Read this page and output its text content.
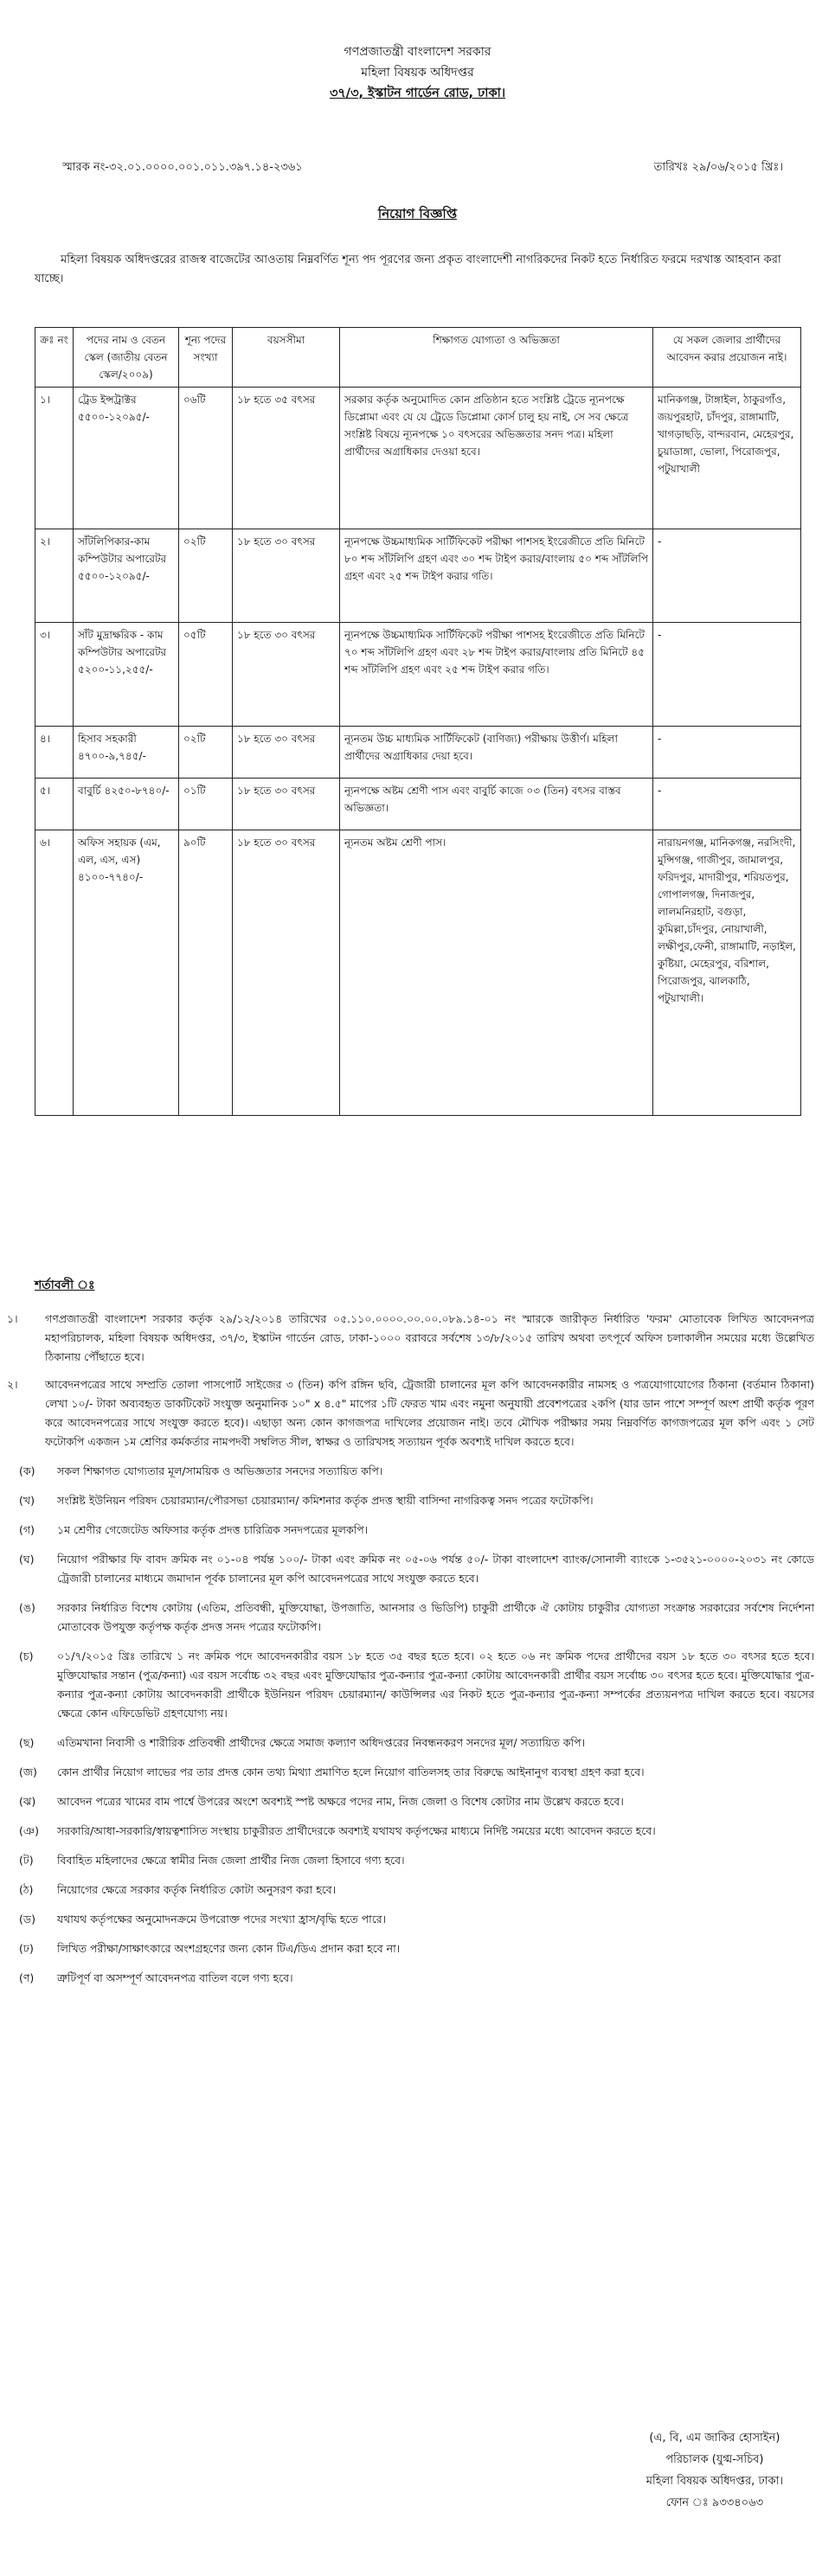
গণপ্রজাতন্ত্রী বাংলাদেশ সরকার
মহিলা বিষয়ক অধিদপ্তর
৩৭/৩, ইস্কাটন গার্ডেন রোড, ঢাকা।
স্মারক নং-৩২.০১.০০০০.০০১.০১১.৩৯৭.১৪-২৩৬১	তারিখঃ ২৯/০৬/২০১৫ খ্রিঃ।
নিয়োগ বিজ্ঞপ্তি
মহিলা বিষয়ক অধিদপ্তরের রাজস্ব বাজেটের আওতায় নিম্নবর্ণিত শূন্য পদ পূরণের জন্য প্রকৃত বাংলাদেশী নাগরিকদের নিকট হতে নির্ধারিত ফরমে দরখাস্ত আহবান করা যাচ্ছে।
ক্রঃ নং	পদের নাম ও বেতন স্কেল (জাতীয় বেতন স্কেল/২০০৯)	শূন্য পদের সংখ্যা	বয়সসীমা	শিক্ষাগত যোগ্যতা ও অভিজ্ঞতা	যে সকল জেলার প্রার্থীদের আবেদন করার প্রয়োজন নাই।
১।	ট্রেড ইন্সট্রাক্টর ৫৫০০-১২০৯৫/-	০৬টি	১৮ হতে ৩৫ বৎসর	সরকার কর্তৃক অনুমোদিত কোন প্রতিষ্ঠান হতে সংশ্লিষ্ট ট্রেডে ন্যূনপক্ষে ডিপ্লোমা এবং যে যে ট্রেডে ডিপ্লোমা কোর্স চালু হয় নাই, সে সব ক্ষেত্রে সংশ্লিষ্ট বিষয়ে ন্যূনপক্ষে ১০ বৎসরের অভিজ্ঞতার সনদ পত্র। মহিলা প্রার্থীদের অগ্রাধিকার দেওয়া হবে।	মানিকগঞ্জ, টাঙ্গাইল, ঠাকুরগাঁও, জয়পুরহাট, চাঁদপুর, রাঙ্গামাটি, খাগড়াছড়ি, বান্দরবান, মেহেরপুর, চুয়াডাঙ্গা, ভোলা, পিরোজপুর, পটুয়াখালী
২।	সাঁটলিপিকার-কাম কম্পিউটার অপারেটর ৫৫০০-১২০৯৫/-	০২টি	১৮ হতে ৩০ বৎসর	ন্যূনপক্ষে উচ্চমাধ্যমিক সার্টিফিকেট পরীক্ষা পাশসহ ইংরেজীতে প্রতি মিনিটে ৮০ শব্দ সাঁটলিপি গ্রহণ এবং ৩০ শব্দ টাইপ করার/বাংলায় ৫০ শব্দ সাঁটলিপি গ্রহণ এবং ২৫ শব্দ টাইপ করার গতি।	-
৩।	সাঁট মুদ্রাক্ষরিক - কাম কম্পিউটার অপারেটর ৫২০০-১১,২৫৫/-	০৫টি	১৮ হতে ৩০ বৎসর	ন্যূনপক্ষে উচ্চমাধ্যমিক সার্টিফিকেট পরীক্ষা পাশসহ ইংরেজীতে প্রতি মিনিটে ৭০ শব্দ সাঁটলিপি গ্রহণ এবং ২৮ শব্দ টাইপ করার/বাংলায় প্রতি মিনিটে ৪৫ শব্দ সাঁটলিপি গ্রহণ এবং ২৫ শব্দ টাইপ করার গতি।	-
৪।	হিসাব সহকারী ৪৭০০-৯,৭৪৫/-	০২টি	১৮ হতে ৩০ বৎসর	ন্যূনতম উচ্চ মাধ্যমিক সার্টিফিকেট (বাণিজ্য) পরীক্ষায় উত্তীর্ণ। মহিলা প্রার্থীদের অগ্রাধিকার দেয়া হবে।	-
৫।	বাবুর্চি ৪২৫০-৮৭৪০/-	০১টি	১৮ হতে ৩০ বৎসর	ন্যূনপক্ষে অষ্টম শ্রেণী পাস এবং বাবুর্চি কাজে ০৩ (তিন) বৎসর বাস্তব অভিজ্ঞতা।	-
৬।	অফিস সহায়ক (এম, এল, এস, এস) ৪১০০-৭৭৪০/-	৯০টি	১৮ হতে ৩০ বৎসর	ন্যূনতম অষ্টম শ্রেণী পাস।	নারায়নগঞ্জ, মানিকগঞ্জ, নরসিংদী, মুন্সিগঞ্জ, গাজীপুর, জামালপুর, ফরিদপুর, মাদারীপুর, শরিয়তপুর, গোপালগঞ্জ, দিনাজপুর, লালমনিরহাট, বগুড়া, কুমিল্লা,চাঁদপুর, নোয়াখালী, লক্ষীপুর,ফেনী, রাঙ্গামাটি, নড়াইল, কুষ্টিয়া, মেহেরপুর, বরিশাল, পিরোজপুর, ঝালকাঠি, পটুয়াখালী।
শর্তাবলী ঃ
১।	গণপ্রজাতন্ত্রী বাংলাদেশ সরকার কর্তৃক ২৯/১২/২০১৪ তারিখের ০৫.১১০.০০০০.০০.০০.০৮৯.১৪-০১ নং স্মারকে জারীকৃত নির্ধারিত 'ফরম' মোতাবেক লিখিত আবেদনপত্র মহাপরিচালক, মহিলা বিষয়ক অধিদপ্তর, ৩৭/৩, ইস্কাটন গার্ডেন রোড, ঢাকা-১০০০ বরাবরে সর্বশেষ ১৩/৮/২০১৫ তারিখ অথবা তৎপূর্বে অফিস চলাকালীন সময়ের মধ্যে উল্লেখিত ঠিকানায় পৌঁছাতে হবে।
২।	আবেদনপত্রের সাথে সম্প্রতি তোলা পাসপোর্ট সাইজের ৩ (তিন) কপি রঙ্গিন ছবি, ট্রেজারী চালানের মূল কপি আবেদনকারীর নামসহ ও পত্রযোগাযোগের ঠিকানা (বর্তমান ঠিকানা) লেখা ১০/- টাকা অব্যবহৃত ডাকটিকেট সংযুক্ত অনুমানিক ১০" x ৪.৫" মাপের ১টি ফেরত খাম এবং নমুনা অনুযায়ী প্রবেশপত্রের ২কপি (যার ডান পাশে সম্পূর্ণ অংশ প্রার্থী কর্তৃক পূরণ করে আবেদনপত্রের সাথে সংযুক্ত করতে হবে)। এছাড়া অন্য কোন কাগজপত্র দাখিলের প্রয়োজন নাই। তবে মৌখিক পরীক্ষার সময় নিম্নবর্ণিত কাগজপত্রের মূল কপি এবং ১ সেট ফটোকপি একজন ১ম শ্রেণির কর্মকর্তার নামপদবী সম্বলিত সীল, স্বাক্ষর ও তারিখসহ সত্যায়ন পূর্বক অবশ্যই দাখিল করতে হবে।
(ক)	সকল শিক্ষাগত যোগ্যতার মূল/সাময়িক ও অভিজ্ঞতার সনদের সত্যায়িত কপি।
(খ)	সংশ্লিষ্ট ইউনিয়ন পরিষদ চেয়ারম্যান/পৌরসভা চেয়ারম্যান/ কমিশনার কর্তৃক প্রদত্ত স্থায়ী বাসিন্দা নাগরিকত্ব সনদ পত্রের ফটোকপি।
(গ)	১ম শ্রেণীর গেজেটেড অফিসার কর্তৃক প্রদত্ত চারিত্রিক সনদপত্রের মূলকপি।
(ঘ)	নিয়োগ পরীক্ষার ফি বাবদ ক্রমিক নং ০১-০৪ পর্যন্ত ১০০/- টাকা এবং ক্রমিক নং ০৫-০৬ পর্যন্ত ৫০/- টাকা বাংলাদেশ ব্যাংক/সোনালী ব্যাংকে ১-৩৫২১-০০০০-২০৩১ নং কোডে ট্রেজারী চালানের মাধ্যমে জমাদান পূর্বক চালানের মূল কপি আবেদনপত্রের সাথে সংযুক্ত করতে হবে।
(ঙ)	সরকার নির্ধারিত বিশেষ কোটায় (এতিম, প্রতিবন্ধী, মুক্তিযোদ্ধা, উপজাতি, আনসার ও ভিডিপি) চাকুরী প্রার্থীকে ঐ কোটায় চাকুরীর যোগ্যতা সংক্রান্ত সরকারের সর্বশেষ নির্দেশনা মোতাবেক উপযুক্ত কর্তৃপক্ষ কর্তৃক প্রদত্ত সনদ পত্রের ফটোকপি।
(চ)	০১/৭/২০১৫ খ্রিঃ তারিখে ১ নং ক্রমিক পদে আবেদনকারীর বয়স ১৮ হতে ৩৫ বছর হতে হবে। ০২ হতে ০৬ নং ক্রমিক পদের প্রার্থীদের বয়স ১৮ হতে ৩০ বৎসর হতে হবে। মুক্তিযোদ্ধার সন্তান (পুত্র/কন্যা) এর বয়স সর্বোচ্চ ৩২ বছর এবং মুক্তিযোদ্ধার পুত্র-কন্যার পুত্র-কন্যা কোটায় আবেদনকারী প্রার্থীর বয়স সর্বোচ্চ ৩০ বৎসর হতে হবে। মুক্তিযোদ্ধার পুত্র-কন্যার পুত্র-কন্যা কোটায় আবেদনকারী প্রার্থীকে ইউনিয়ন পরিষদ চেয়ারম্যান/ কাউন্সিলর এর নিকট হতে পুত্র-কন্যার পুত্র-কন্যা সম্পর্কের প্রত্যয়নপত্র দাখিল করতে হবে। বয়সের ক্ষেত্রে কোন এফিডেভিট গ্রহণযোগ্য নয়।
(ছ)	এতিমখানা নিবাসী ও শারীরিক প্রতিবন্ধী প্রার্থীদের ক্ষেত্রে সমাজ কল্যাণ অধিদপ্তরের নিবন্ধনকরণ সনদের মূল/ সত্যায়িত কপি।
(জ)	কোন প্রার্থীর নিয়োগ লাভের পর তার প্রদত্ত কোন তথ্য মিথ্যা প্রমাণিত হলে নিয়োগ বাতিলসহ তার বিরুদ্ধে আইনানুগ ব্যবস্থা গ্রহণ করা হবে।
(ঝ)	আবেদন পত্রের খামের বাম পার্শ্বে উপরের অংশে অবশ্যই স্পষ্ট অক্ষরে পদের নাম, নিজ জেলা ও বিশেষ কোটার নাম উল্লেখ করতে হবে।
(ঞ)	সরকারি/আধা-সরকারি/স্বায়ত্বশাসিত সংস্থায় চাকুরীরত প্রার্থীদেরকে অবশ্যই যথাযথ কর্তৃপক্ষের মাধ্যমে নির্দিষ্ট সময়ের মধ্যে আবেদন করতে হবে।
(ট)	বিবাহিত মহিলাদের ক্ষেত্রে স্বামীর নিজ জেলা প্রার্থীর নিজ জেলা হিসাবে গণ্য হবে।
(ঠ)	নিয়োগের ক্ষেত্রে সরকার কর্তৃক নির্ধারিত কোটা অনুসরণ করা হবে।
(ড)	যথাযথ কর্তৃপক্ষের অনুমোদনক্রমে উপরোক্ত পদের সংখ্যা হ্রাস/বৃদ্ধি হতে পারে।
(ঢ)	লিখিত পরীক্ষা/সাক্ষাৎকারে অংশগ্রহণের জন্য কোন টিএ/ডিএ প্রদান করা হবে না।
(ণ)	ত্রুটিপূর্ণ বা অসম্পূর্ণ আবেদনপত্র বাতিল বলে গণ্য হবে।
(এ, বি, এম জাকির হোসাইন)
পরিচালক (যুগ্ম-সচিব)
মহিলা বিষয়ক অধিদপ্তর, ঢাকা।
ফোন ঃ ৯৩৩৪০৬৩
